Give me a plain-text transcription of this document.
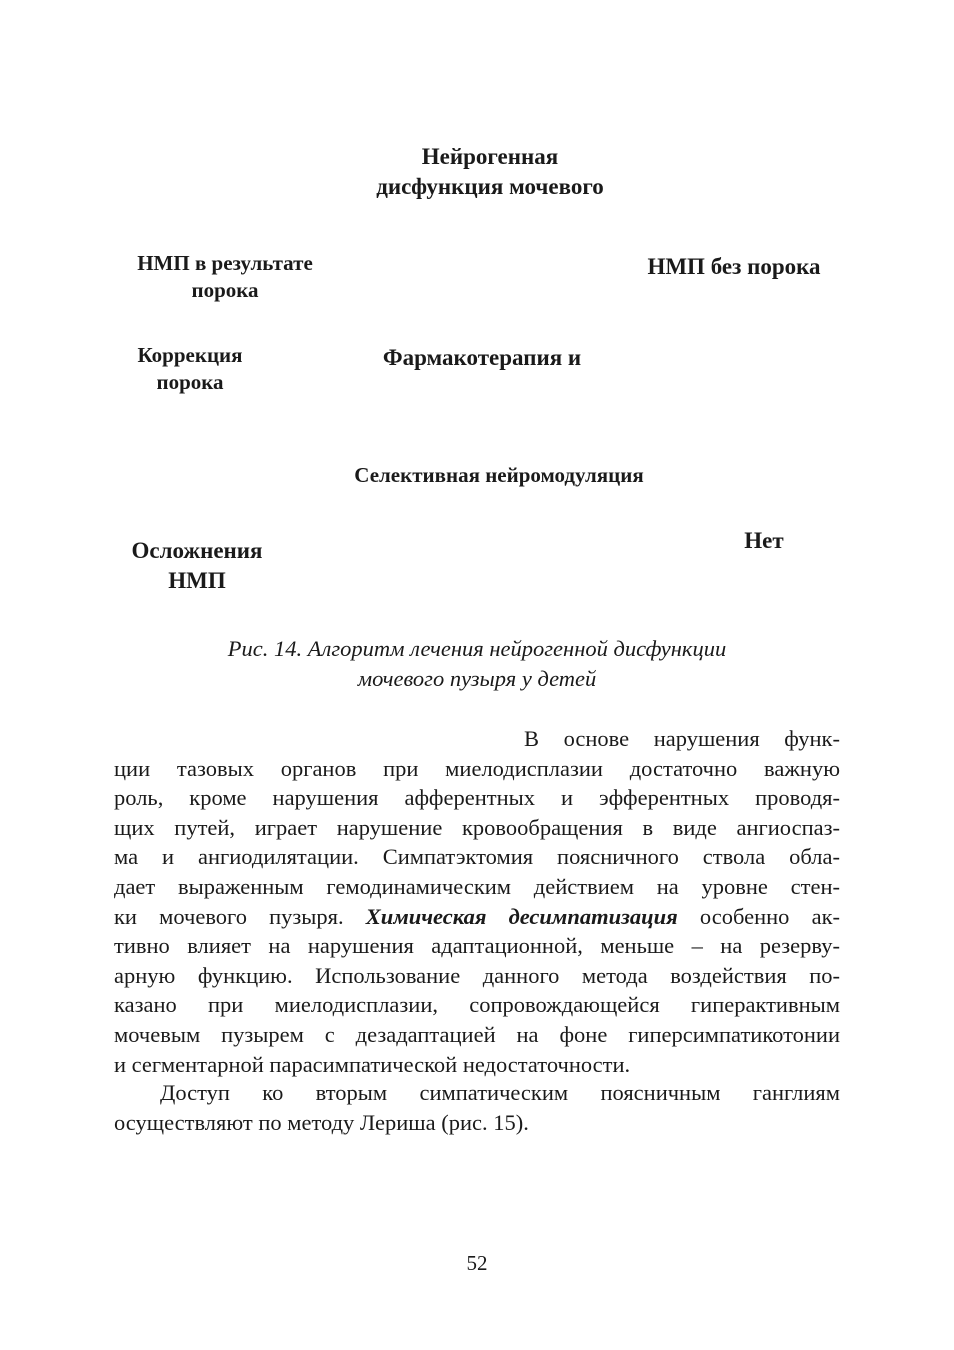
Нейрогенная
дисфункция мочевого
НМП в результате
порока
НМП без порока
Коррекция
порока
Фармакотерапия и
Селективная нейромодуляция
Осложнения
НМП
Нет
Рис. 14. Алгоритм лечения нейрогенной дисфункции
мочевого пузыря у детей
В основе нарушения функ-
ции тазовых органов при миелодисплазии достаточно важную
роль, кроме нарушения афферентных и эфферентных проводя-
щих путей, играет нарушение кровообращения в виде ангиоспаз-
ма и ангиодилятации. Симпатэктомия поясничного ствола обла-
дает выраженным гемодинамическим действием на уровне стен-
ки мочевого пузыря. Химическая десимпатизация особенно ак-
тивно влияет на нарушения адаптационной, меньше – на резерву-
арную функцию. Использование данного метода воздействия по-
казано при миелодисплазии, сопровождающейся гиперактивным
мочевым пузырем с дезадаптацией на фоне гиперсимпатикотонии
и сегментарной парасимпатической недостаточности.
Доступ ко вторым симпатическим поясничным ганглиям
осуществляют по методу Лериша (рис. 15).
52
